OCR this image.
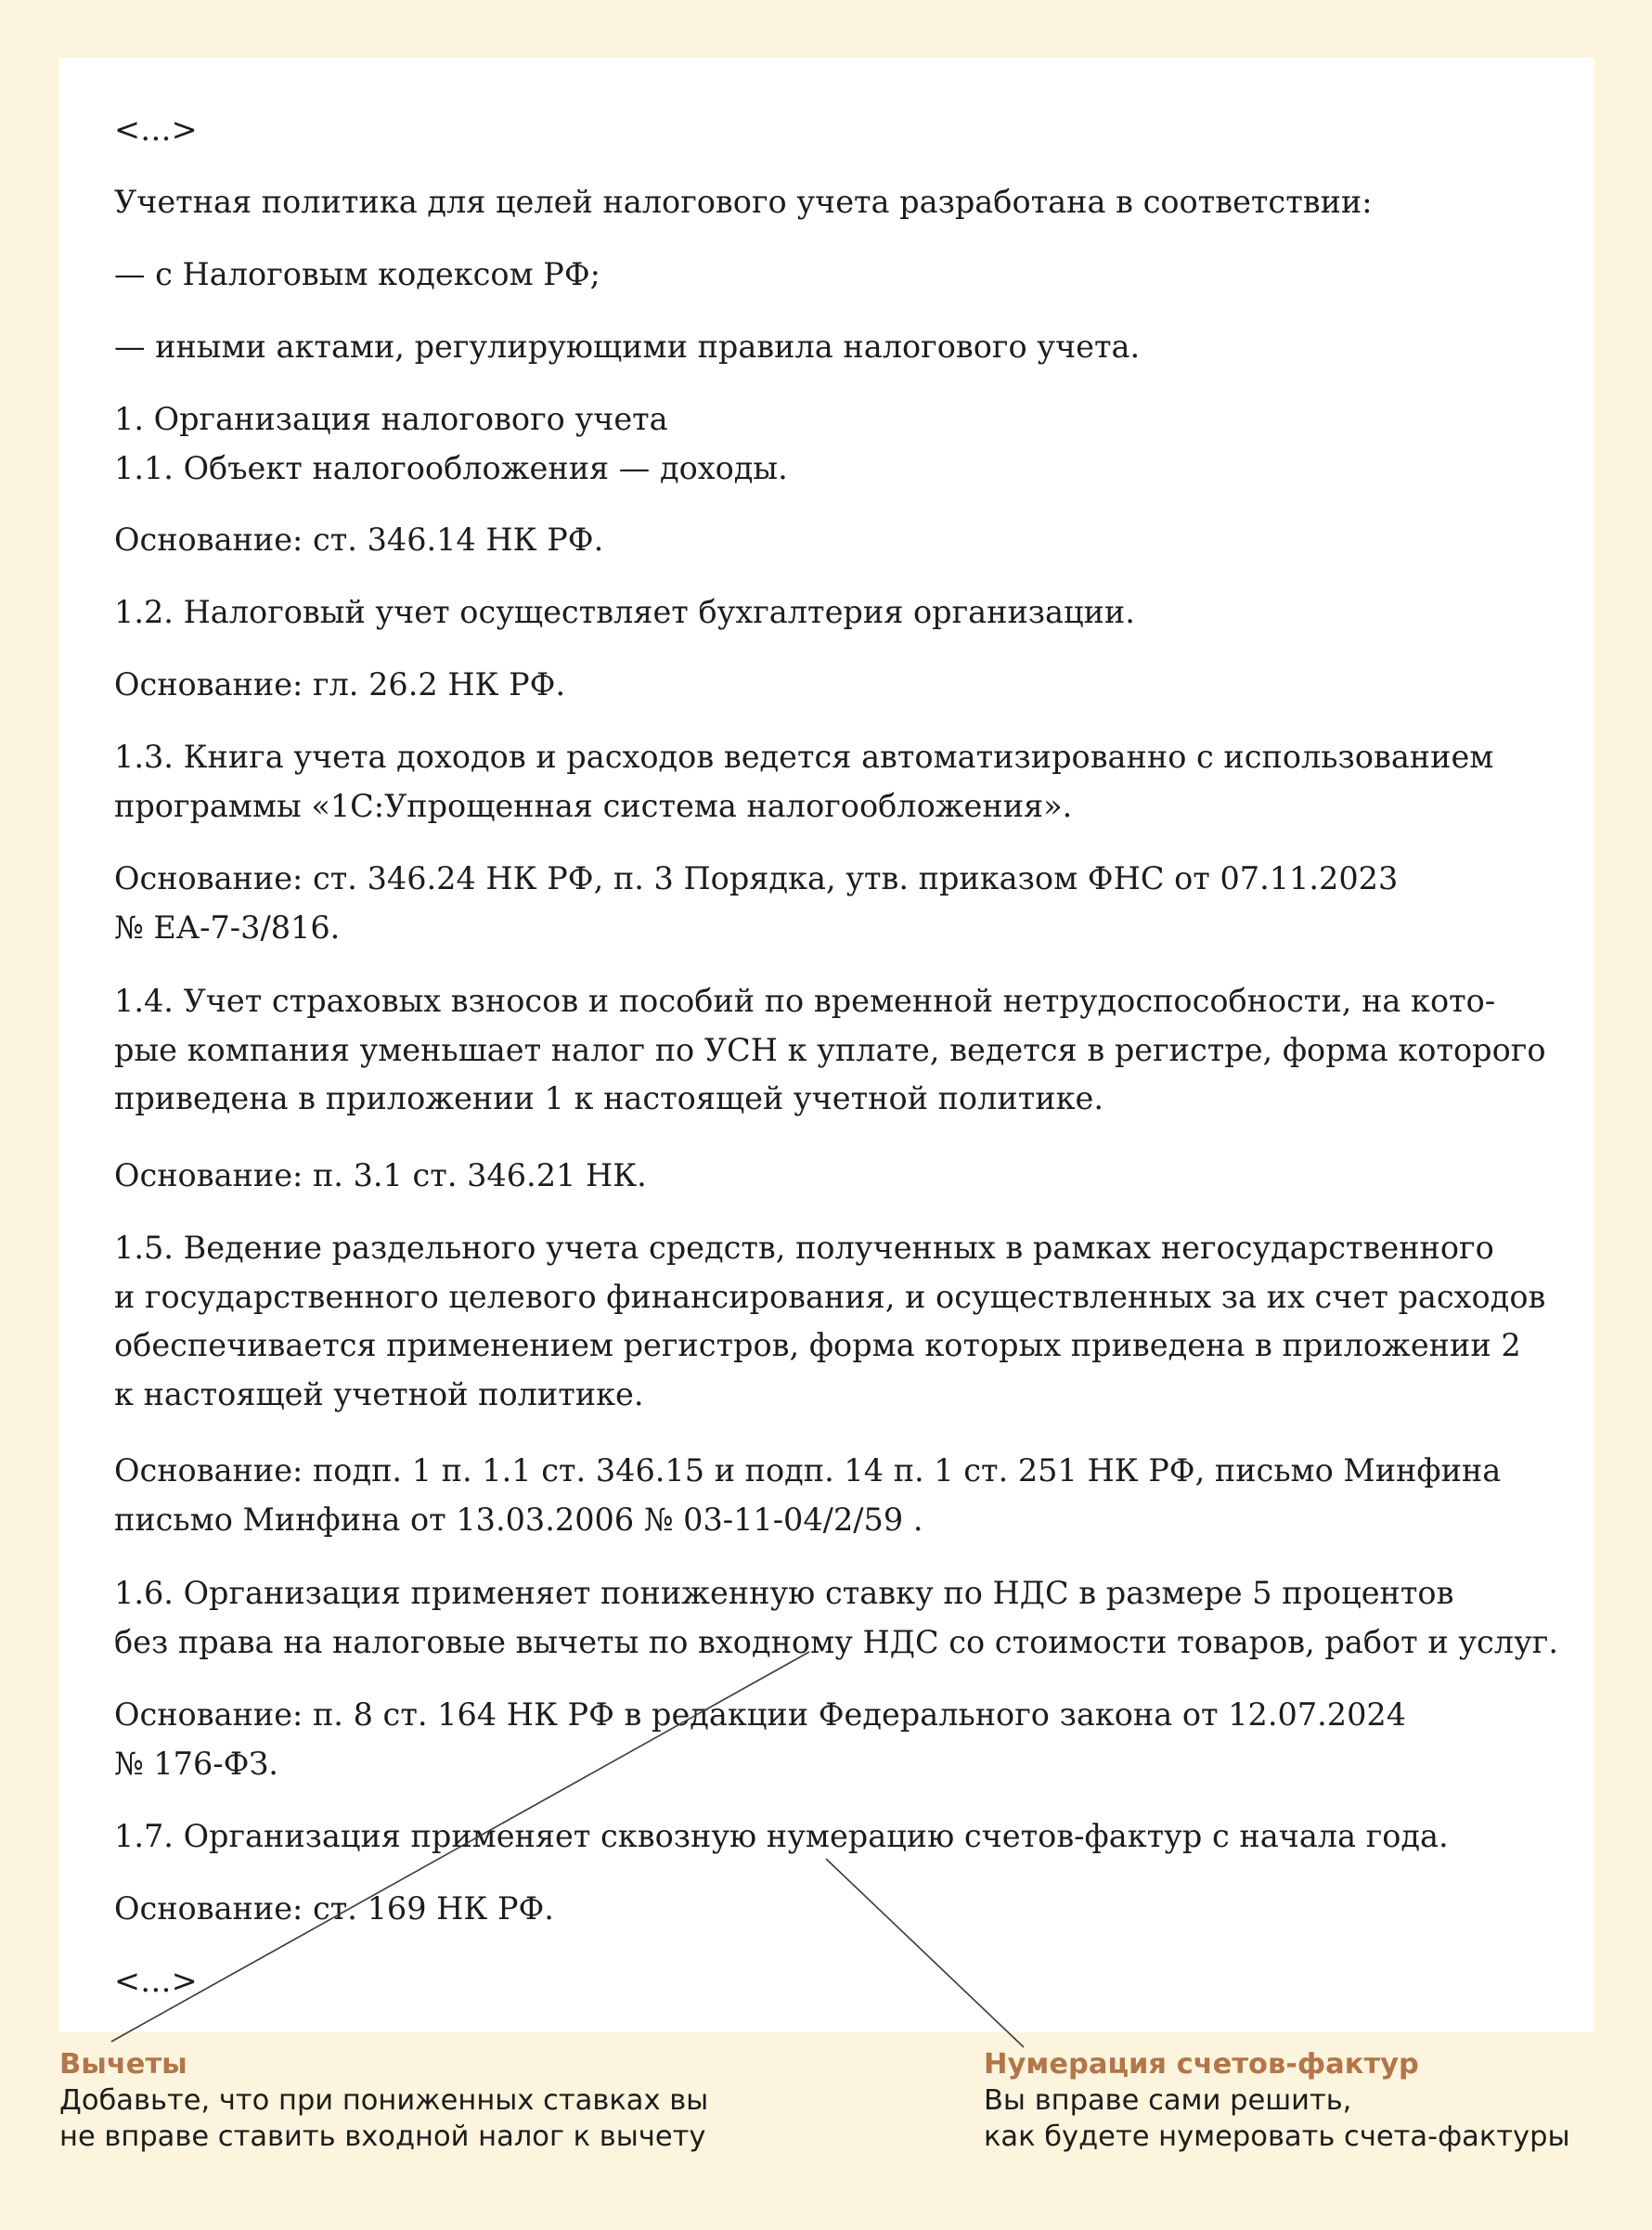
<…>

Учетная политика для целей налогового учета разработана в соответствии:

— с Налоговым кодексом РФ;

— иными актами, регулирующими правила налогового учета.

1. Организация налогового учета
1.1. Объект налогообложения — доходы.

Основание: ст. 346.14 НК РФ.

1.2. Налоговый учет осуществляет бухгалтерия организации.

Основание: гл. 26.2 НК РФ.

1.3. Книга учета доходов и расходов ведется автоматизированно с использованием
программы «1С:Упрощенная система налогообложения».

Основание: ст. 346.24 НК РФ, п. 3 Порядка, утв. приказом ФНС от 07.11.2023
№ ЕА-7-3/816.

1.4. Учет страховых взносов и пособий по временной нетрудоспособности, на кото-
рые компания уменьшает налог по УСН к уплате, ведется в регистре, форма которого
приведена в приложении 1 к настоящей учетной политике.

Основание: п. 3.1 ст. 346.21 НК.

1.5. Ведение раздельного учета средств, полученных в рамках негосударственного
и государственного целевого финансирования, и осуществленных за их счет расходов
обеспечивается применением регистров, форма которых приведена в приложении 2
к настоящей учетной политике.

Основание: подп. 1 п. 1.1 ст. 346.15 и подп. 14 п. 1 ст. 251 НК РФ, письмо Минфина
письмо Минфина от 13.03.2006 № 03-11-04/2/59 .

1.6. Организация применяет пониженную ставку по НДС в размере 5 процентов
без права на налоговые вычеты по входному НДС со стоимости товаров, работ и услуг.

Основание: п. 8 ст. 164 НК РФ в редакции Федерального закона от 12.07.2024
№ 176-ФЗ.

1.7. Организация применяет сквозную нумерацию счетов-фактур с начала года.

Основание: ст. 169 НК РФ.

<…>

Вычеты
Добавьте, что при пониженных ставках вы
не вправе ставить входной налог к вычету
Нумерация счетов-фактур
Вы вправе сами решить,
как будете нумеровать счета-фактуры
